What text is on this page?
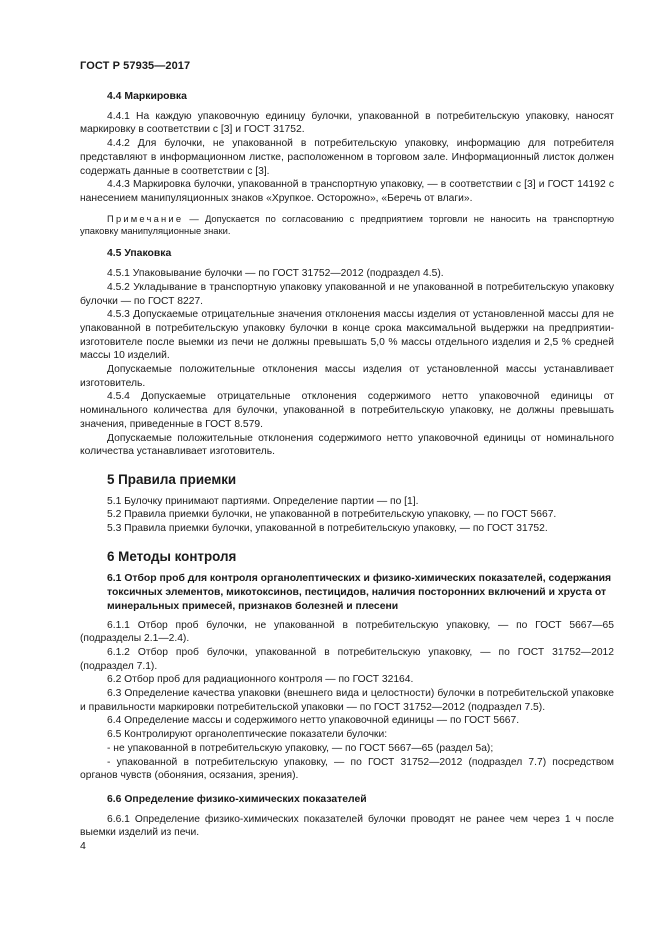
ГОСТ Р 57935—2017
4.4 Маркировка

4.4.1 На каждую упаковочную единицу булочки, упакованной в потребительскую упаковку, наносят маркировку в соответствии с [3] и ГОСТ 31752.

4.4.2 Для булочки, не упакованной в потребительскую упаковку, информацию для потребителя представляют в информационном листке, расположенном в торговом зале. Информационный листок должен содержать данные в соответствии с [3].

4.4.3 Маркировка булочки, упакованной в транспортную упаковку, — в соответствии с [3] и ГОСТ 14192 с нанесением манипуляционных знаков «Хрупкое. Осторожно», «Беречь от влаги».

Примечание — Допускается по согласованию с предприятием торговли не наносить на транспортную упаковку манипуляционные знаки.
4.5 Упаковка

4.5.1 Упаковывание булочки — по ГОСТ 31752—2012 (подраздел 4.5).

4.5.2 Укладывание в транспортную упаковку упакованной и не упакованной в потребительскую упаковку булочки — по ГОСТ 8227.

4.5.3 Допускаемые отрицательные значения отклонения массы изделия от установленной массы для не упакованной в потребительскую упаковку булочки в конце срока максимальной выдержки на предприятии-изготовителе после выемки из печи не должны превышать 5,0 % массы отдельного изделия и 2,5 % средней массы 10 изделий.

Допускаемые положительные отклонения массы изделия от установленной массы устанавливает изготовитель.

4.5.4 Допускаемые отрицательные отклонения содержимого нетто упаковочной единицы от номинального количества для булочки, упакованной в потребительскую упаковку, не должны превышать значения, приведенные в ГОСТ 8.579.

Допускаемые положительные отклонения содержимого нетто упаковочной единицы от номинального количества устанавливает изготовитель.

5 Правила приемки

5.1 Булочку принимают партиями. Определение партии — по [1].

5.2 Правила приемки булочки, не упакованной в потребительскую упаковку, — по ГОСТ 5667.

5.3 Правила приемки булочки, упакованной в потребительскую упаковку, — по ГОСТ 31752.

6 Методы контроля
6.1 Отбор проб для контроля органолептических и физико-химических показателей, содержания токсичных элементов, микотоксинов, пестицидов, наличия посторонних включений и хруста от минеральных примесей, признаков болезней и плесени

6.1.1 Отбор проб булочки, не упакованной в потребительскую упаковку, — по ГОСТ 5667—65 (подразделы 2.1—2.4).

6.1.2 Отбор проб булочки, упакованной в потребительскую упаковку, — по ГОСТ 31752—2012 (подраздел 7.1).

6.2 Отбор проб для радиационного контроля — по ГОСТ 32164.

6.3 Определение качества упаковки (внешнего вида и целостности) булочки в потребительской упаковке и правильности маркировки потребительской упаковки — по ГОСТ 31752—2012 (подраздел 7.5).

6.4 Определение массы и содержимого нетто упаковочной единицы — по ГОСТ 5667.

6.5 Контролируют органолептические показатели булочки:

- не упакованной в потребительскую упаковку, — по ГОСТ 5667—65 (раздел 5а);

- упакованной в потребительскую упаковку, — по ГОСТ 31752—2012 (подраздел 7.7) посредством органов чувств (обоняния, осязания, зрения).

6.6 Определение физико-химических показателей

6.6.1 Определение физико-химических показателей булочки проводят не ранее чем через 1 ч после выемки изделий из печи.

4
